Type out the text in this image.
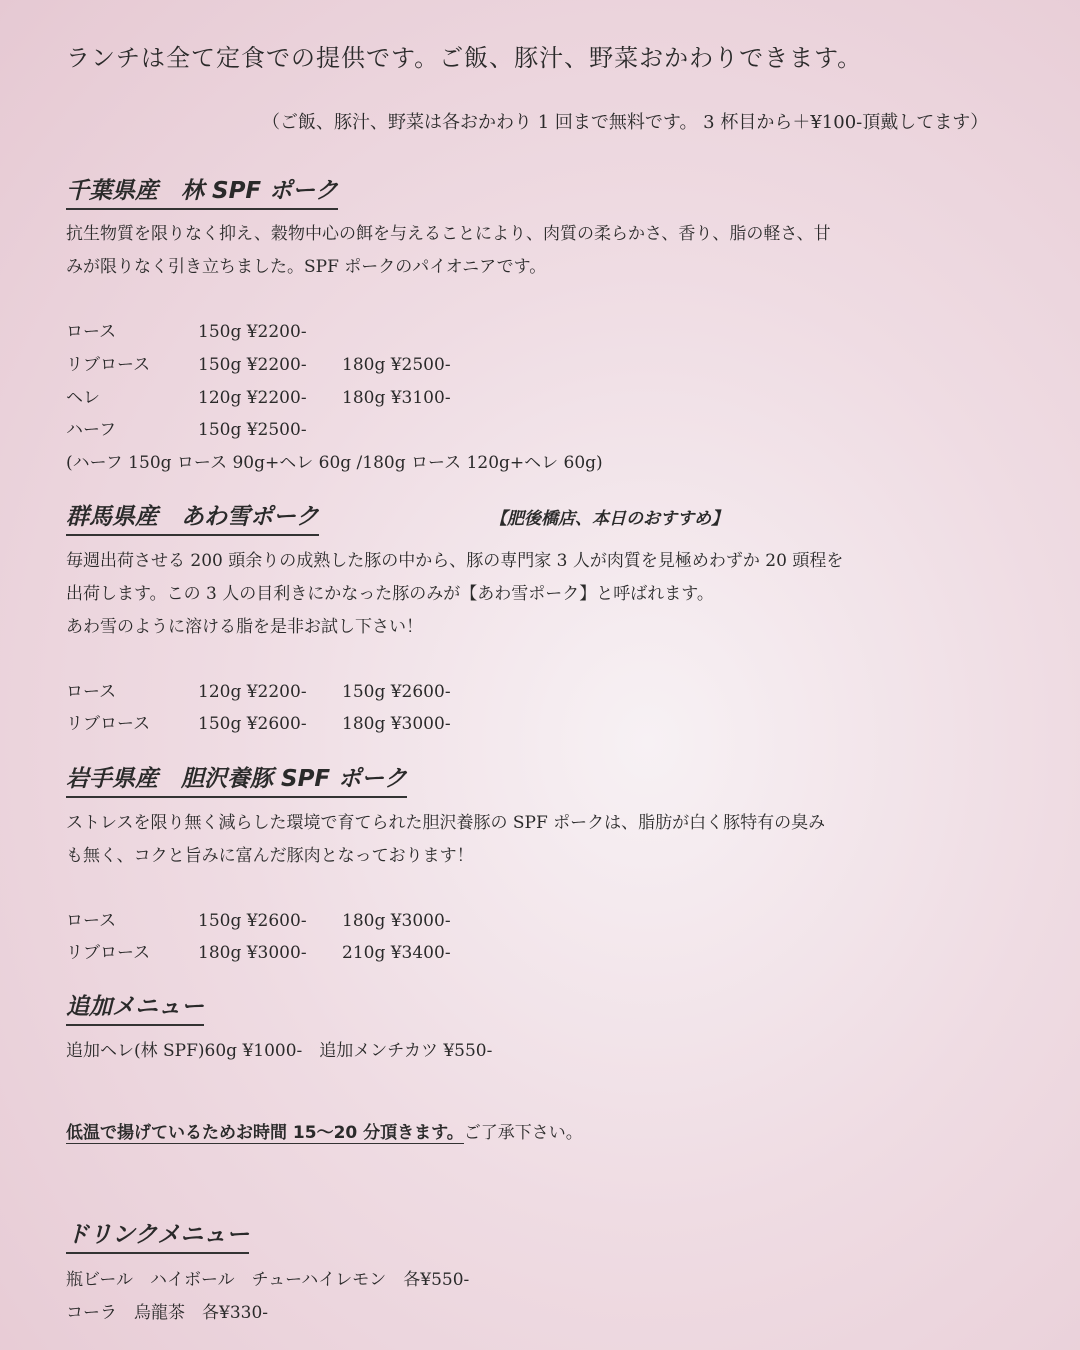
ランチは全て定食での提供です。ご飯、豚汁、野菜おかわりできます。
（ご飯、豚汁、野菜は各おかわり 1 回まで無料です。 3 杯目から＋¥100-頂戴してます）
千葉県産　林 SPF ポーク
抗生物質を限りなく抑え、穀物中心の餌を与えることにより、肉質の柔らかさ、香り、脂の軽さ、甘
みが限りなく引き立ちました。SPF ポークのパイオニアです。
ロース	150g ¥2200-
リブロース	150g ¥2200- 180g ¥2500-
ヘレ	120g ¥2200- 180g ¥3100-
ハーフ	150g ¥2500-
(ハーフ 150g ロース 90g+ヘレ 60g /180g ロース 120g+ヘレ 60g)
群馬県産　あわ雪ポーク	【肥後橋店、本日のおすすめ】
毎週出荷させる 200 頭余りの成熟した豚の中から、豚の専門家 3 人が肉質を見極めわずか 20 頭程を
出荷します。この 3 人の目利きにかなった豚のみが【あわ雪ポーク】と呼ばれます。
あわ雪のように溶ける脂を是非お試し下さい！
ロース	120g ¥2200- 150g ¥2600-
リブロース	150g ¥2600- 180g ¥3000-
岩手県産　胆沢養豚 SPF ポーク
ストレスを限り無く減らした環境で育てられた胆沢養豚の SPF ポークは、脂肪が白く豚特有の臭み
も無く、コクと旨みに富んだ豚肉となっております！
ロース	150g ¥2600- 180g ¥3000-
リブロース	180g ¥3000- 210g ¥3400-
追加メニュー
追加ヘレ(林 SPF)60g ¥1000-　追加メンチカツ ¥550-
低温で揚げているためお時間 15～20 分頂きます。ご了承下さい。
ドリンクメニュー
瓶ビール　ハイボール　チューハイレモン　各¥550-
コーラ　烏龍茶　各¥330-
